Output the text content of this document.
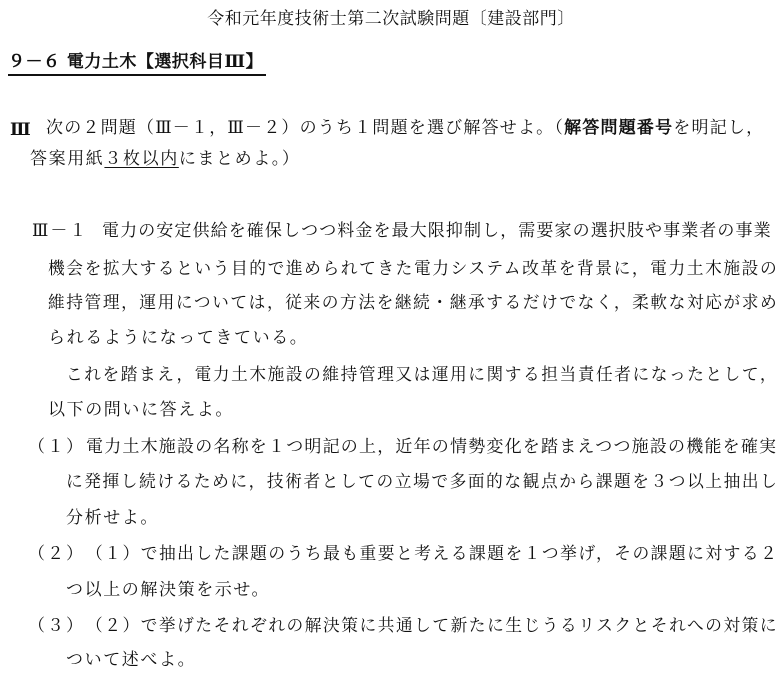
令和元年度技術士第二次試験問題〔建設部門〕
９－６ 電力土木【選択科目Ⅲ】
Ⅲ 次の２問題（Ⅲ－１，Ⅲ－２）のうち１問題を選び解答せよ。（解答問題番号を明記し，
答案用紙３枚以内にまとめよ。）
Ⅲ－１ 電力の安定供給を確保しつつ料金を最大限抑制し，需要家の選択肢や事業者の事業
機会を拡大するという目的で進められてきた電力システム改革を背景に，電力土木施設の
維持管理，運用については，従来の方法を継続・継承するだけでなく，柔軟な対応が求め
られるようになってきている。
これを踏まえ，電力土木施設の維持管理又は運用に関する担当責任者になったとして，
以下の問いに答えよ。
（１） 電力土木施設の名称を１つ明記の上，近年の情勢変化を踏まえつつ施設の機能を確実
に発揮し続けるために，技術者としての立場で多面的な観点から課題を３つ以上抽出し
分析せよ。
（２） （１）で抽出した課題のうち最も重要と考える課題を１つ挙げ，その課題に対する２
つ以上の解決策を示せ。
（３） （２）で挙げたそれぞれの解決策に共通して新たに生じうるリスクとそれへの対策に
ついて述べよ。
